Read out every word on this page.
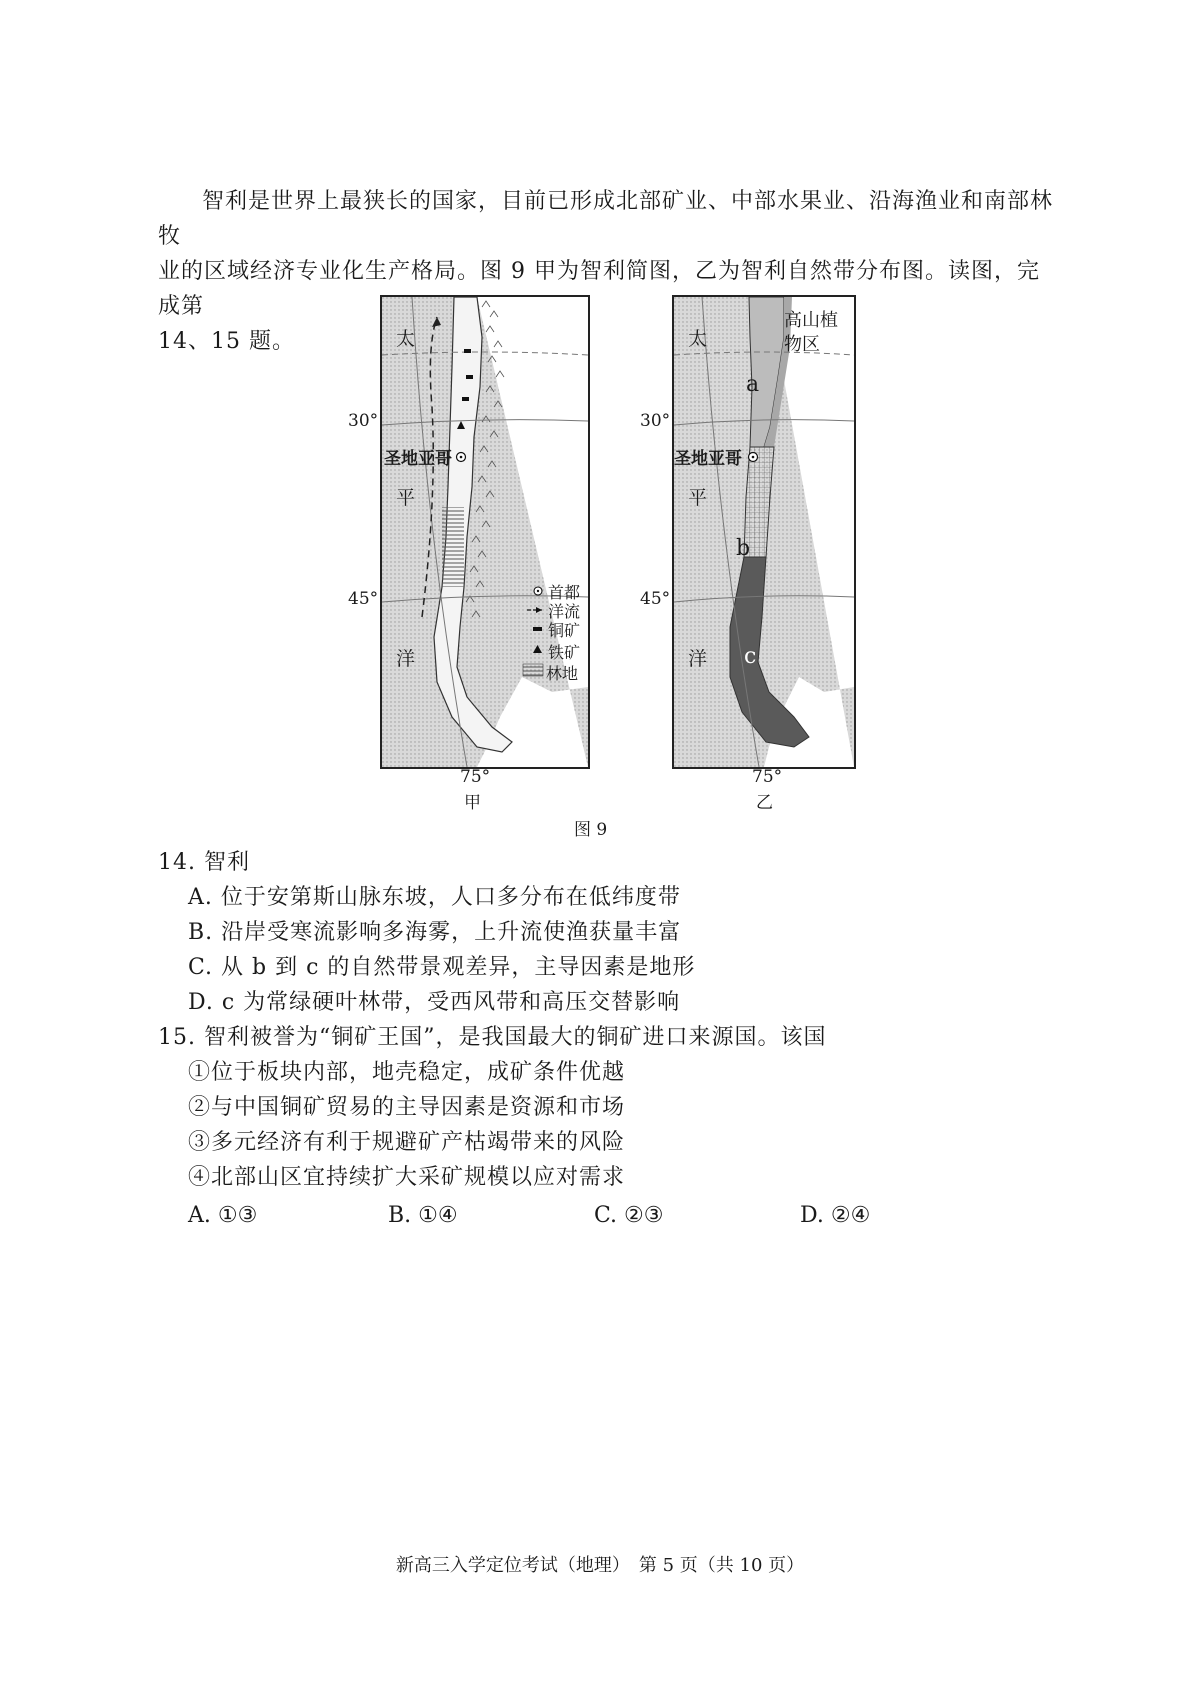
智利是世界上最狭长的国家，目前已形成北部矿业、中部水果业、沿海渔业和南部林牧

业的区域经济专业化生产格局。图 9 甲为智利简图，乙为智利自然带分布图。读图，完成第
14、15 题。
30°
45°
圣地亚哥
太
平
洋
75°
甲
首都
洋流
铜矿
铁矿
林地
30°
45°
圣地亚哥
太
平
洋
高山植
物区
a
b
c
75°
乙
图 9
14. 智利
A. 位于安第斯山脉东坡，人口多分布在低纬度带
B. 沿岸受寒流影响多海雾，上升流使渔获量丰富
C. 从 b 到 c 的自然带景观差异，主导因素是地形
D. c 为常绿硬叶林带，受西风带和高压交替影响
15. 智利被誉为“铜矿王国”，是我国最大的铜矿进口来源国。该国
①位于板块内部，地壳稳定，成矿条件优越
②与中国铜矿贸易的主导因素是资源和市场
③多元经济有利于规避矿产枯竭带来的风险
④北部山区宜持续扩大采矿规模以应对需求
A. ①③	B. ①④	C. ②③	D. ②④
新高三入学定位考试（地理）　第 5 页（共 10 页）
